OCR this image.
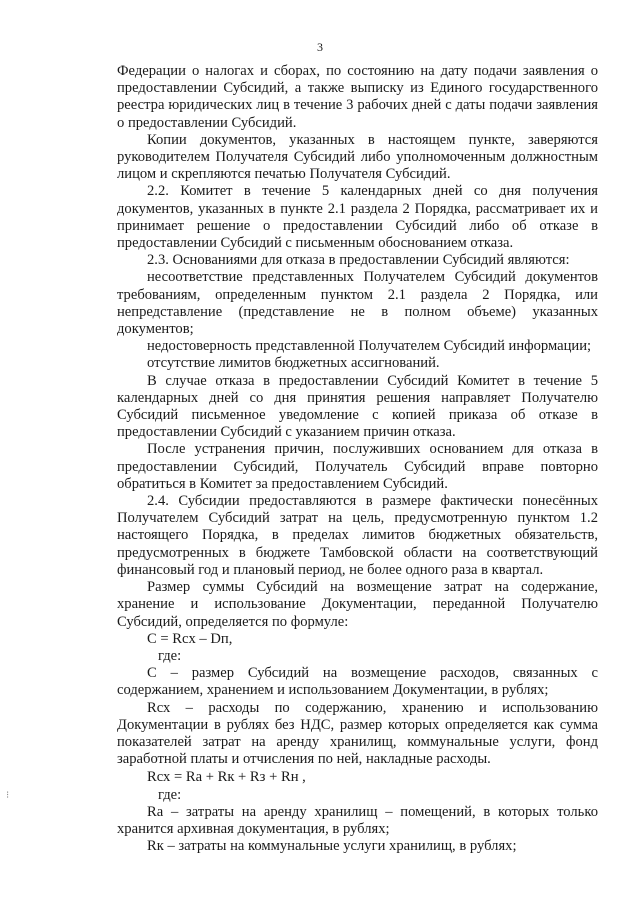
3

Федерации о налогах и сборах, по состоянию на дату подачи заявления о предоставлении Субсидий, а также выписку из Единого государственного реестра юридических лиц в течение 3 рабочих дней с даты подачи заявления о предоставлении Субсидий.

Копии документов, указанных в настоящем пункте, заверяются руководителем Получателя Субсидий либо уполномоченным должностным лицом и скрепляются печатью Получателя Субсидий.

2.2. Комитет в течение 5 календарных дней со дня получения документов, указанных в пункте 2.1 раздела 2 Порядка, рассматривает их и принимает решение о предоставлении Субсидий либо об отказе в предоставлении Субсидий с письменным обоснованием отказа.

2.3. Основаниями для отказа в предоставлении Субсидий являются:

несоответствие представленных Получателем Субсидий документов требованиям, определенным пунктом 2.1 раздела 2 Порядка, или непредставление (представление не в полном объеме) указанных документов;

недостоверность представленной Получателем Субсидий информации;

отсутствие лимитов бюджетных ассигнований.

В случае отказа в предоставлении Субсидий Комитет в течение 5 календарных дней со дня принятия решения направляет Получателю Субсидий письменное уведомление с копией приказа об отказе в предоставлении Субсидий с указанием причин отказа.

После устранения причин, послуживших основанием для отказа в предоставлении Субсидий, Получатель Субсидий вправе повторно обратиться в Комитет за предоставлением Субсидий.

2.4. Субсидии предоставляются в размере фактически понесённых Получателем Субсидий затрат на цель, предусмотренную пунктом 1.2 настоящего Порядка, в пределах лимитов бюджетных обязательств, предусмотренных в бюджете Тамбовской области на соответствующий финансовый год и плановый период, не более одного раза в квартал.

Размер суммы Субсидий на возмещение затрат на содержание, хранение и использование Документации, переданной Получателю Субсидий, определяется по формуле:

С = Rcx – Dп,

где:

С – размер Субсидий на возмещение расходов, связанных с содержанием, хранением и использованием Документации, в рублях;

Rсх – расходы по содержанию, хранению и использованию Документации в рублях без НДС, размер которых определяется как сумма показателей затрат на аренду хранилищ, коммунальные услуги, фонд заработной платы и отчисления по ней, накладные расходы.

Rсх = Ra + Rк + Rз + Rн ,

где:

Ra – затраты на аренду хранилищ – помещений, в которых только хранится архивная документация, в рублях;

Rк – затраты на коммунальные услуги хранилищ, в рублях;

⁝
